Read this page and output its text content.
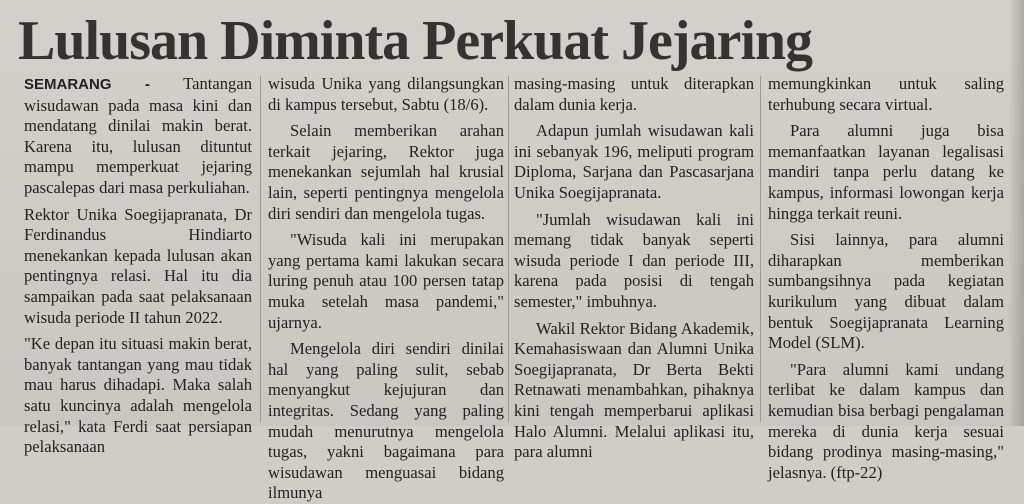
Lulusan Diminta Perkuat Jejaring

SEMARANG - Tantangan wisudawan pada masa kini dan mendatang dinilai makin berat. Karena itu, lulusan dituntut mampu memperkuat jejaring pascalepas dari masa perkuliahan.

Rektor Unika Soegijapranata, Dr Ferdinandus Hindiarto menekankan kepada lulusan akan pentingnya relasi. Hal itu dia sampaikan pada saat pelaksanaan wisuda periode II tahun 2022.

"Ke depan itu situasi makin berat, banyak tantangan yang mau tidak mau harus dihadapi. Maka salah satu kuncinya adalah mengelola relasi," kata Ferdi saat persiapan pelaksanaan

wisuda Unika yang dilangsungkan di kampus tersebut, Sabtu (18/6).

Selain memberikan arahan terkait jejaring, Rektor juga menekankan sejumlah hal krusial lain, seperti pentingnya mengelola diri sendiri dan mengelola tugas.

"Wisuda kali ini merupakan yang pertama kami lakukan secara luring penuh atau 100 persen tatap muka setelah masa pandemi," ujarnya.

Mengelola diri sendiri dinilai hal yang paling sulit, sebab menyangkut kejujuran dan integritas. Sedang yang paling mudah menurutnya mengelola tugas, yakni bagaimana para wisudawan menguasai bidang ilmunya

masing-masing untuk diterapkan dalam dunia kerja.

Adapun jumlah wisudawan kali ini sebanyak 196, meliputi program Diploma, Sarjana dan Pascasarjana Unika Soegijapranata.

"Jumlah wisudawan kali ini memang tidak banyak seperti wisuda periode I dan periode III, karena pada posisi di tengah semester," imbuhnya.

Wakil Rektor Bidang Akademik, Kemahasiswaan dan Alumni Unika Soegijapranata, Dr Berta Bekti Retnawati menambahkan, pihaknya kini tengah memperbarui aplikasi Halo Alumni. Melalui aplikasi itu, para alumni

memungkinkan untuk saling terhubung secara virtual.

Para alumni juga bisa memanfaatkan layanan legalisasi mandiri tanpa perlu datang ke kampus, informasi lowongan kerja hingga terkait reuni.

Sisi lainnya, para alumni diharapkan memberikan sumbangsihnya pada kegiatan kurikulum yang dibuat dalam bentuk Soegijapranata Learning Model (SLM).

"Para alumni kami undang terlibat ke dalam kampus dan kemudian bisa berbagi pengalaman mereka di dunia kerja sesuai bidang prodinya masing-masing," jelasnya. (ftp-22)
